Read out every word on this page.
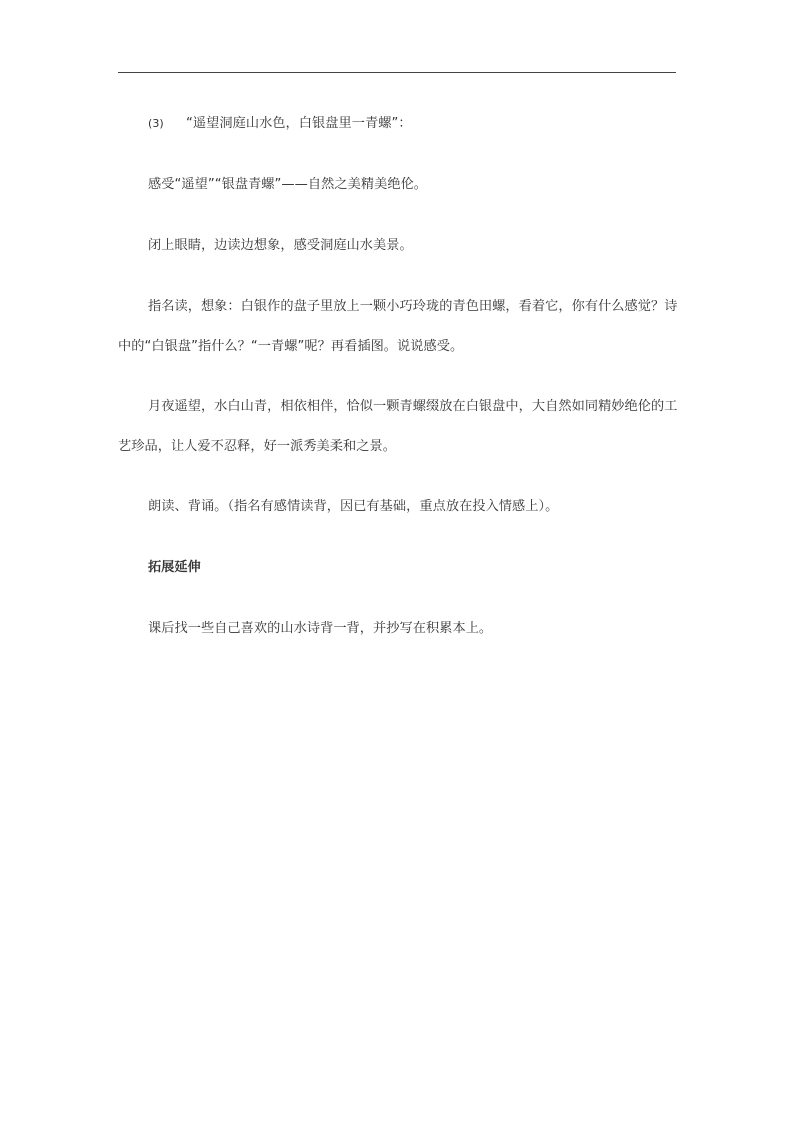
(3) “遥望洞庭山水色，白银盘里一青螺”：

感受“遥望”“银盘青螺”——自然之美精美绝伦。

闭上眼睛，边读边想象，感受洞庭山水美景。

指名读，想象：白银作的盘子里放上一颗小巧玲珑的青色田螺，看着它，你有什么感觉？诗中的“白银盘”指什么？“一青螺”呢？再看插图。说说感受。

月夜遥望，水白山青，相依相伴，恰似一颗青螺缀放在白银盘中，大自然如同精妙绝伦的工艺珍品，让人爱不忍释，好一派秀美柔和之景。

朗读、背诵。（指名有感情读背，因已有基础，重点放在投入情感上）。

拓展延伸

课后找一些自己喜欢的山水诗背一背，并抄写在积累本上。
